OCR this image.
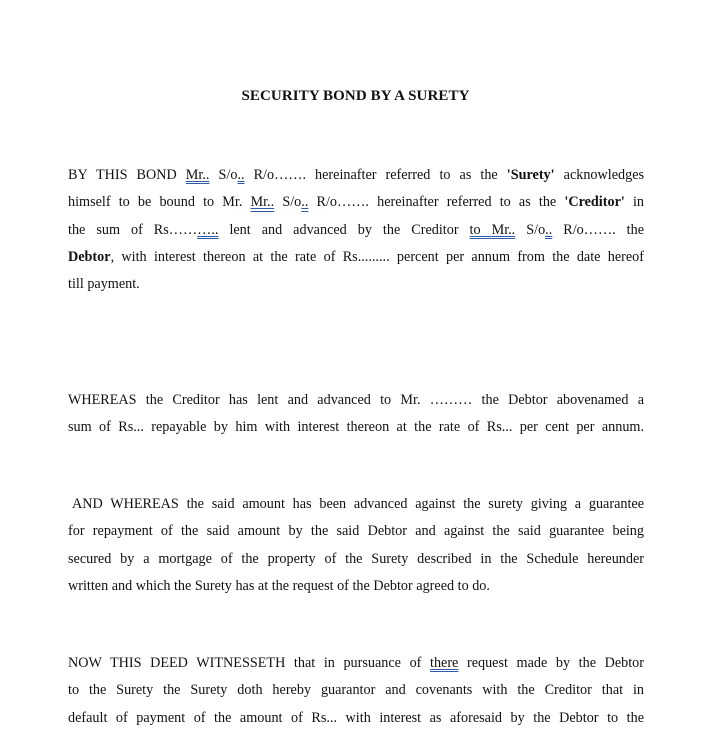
SECURITY BOND BY A SURETY
BY THIS BOND Mr.. S/o.. R/o……. hereinafter referred to as the 'Surety' acknowledges
himself to be bound to Mr. Mr.. S/o.. R/o……. hereinafter referred to as the 'Creditor' in
the sum of Rs……….. lent and advanced by the Creditor to Mr.. S/o.. R/o……. the
Debtor, with interest thereon at the rate of Rs......... percent per annum from the date hereof
till payment.
WHEREAS the Creditor has lent and advanced to Mr. ……… the Debtor abovenamed a
sum of Rs... repayable by him with interest thereon at the rate of Rs... per cent per annum.
AND WHEREAS the said amount has been advanced against the surety giving a guarantee
for repayment of the said amount by the said Debtor and against the said guarantee being
secured by a mortgage of the property of the Surety described in the Schedule hereunder
written and which the Surety has at the request of the Debtor agreed to do.
NOW THIS DEED WITNESSETH that in pursuance of there request made by the Debtor
to the Surety the Surety doth hereby guarantor and covenants with the Creditor that in
default of payment of the amount of Rs... with interest as aforesaid by the Debtor to the
